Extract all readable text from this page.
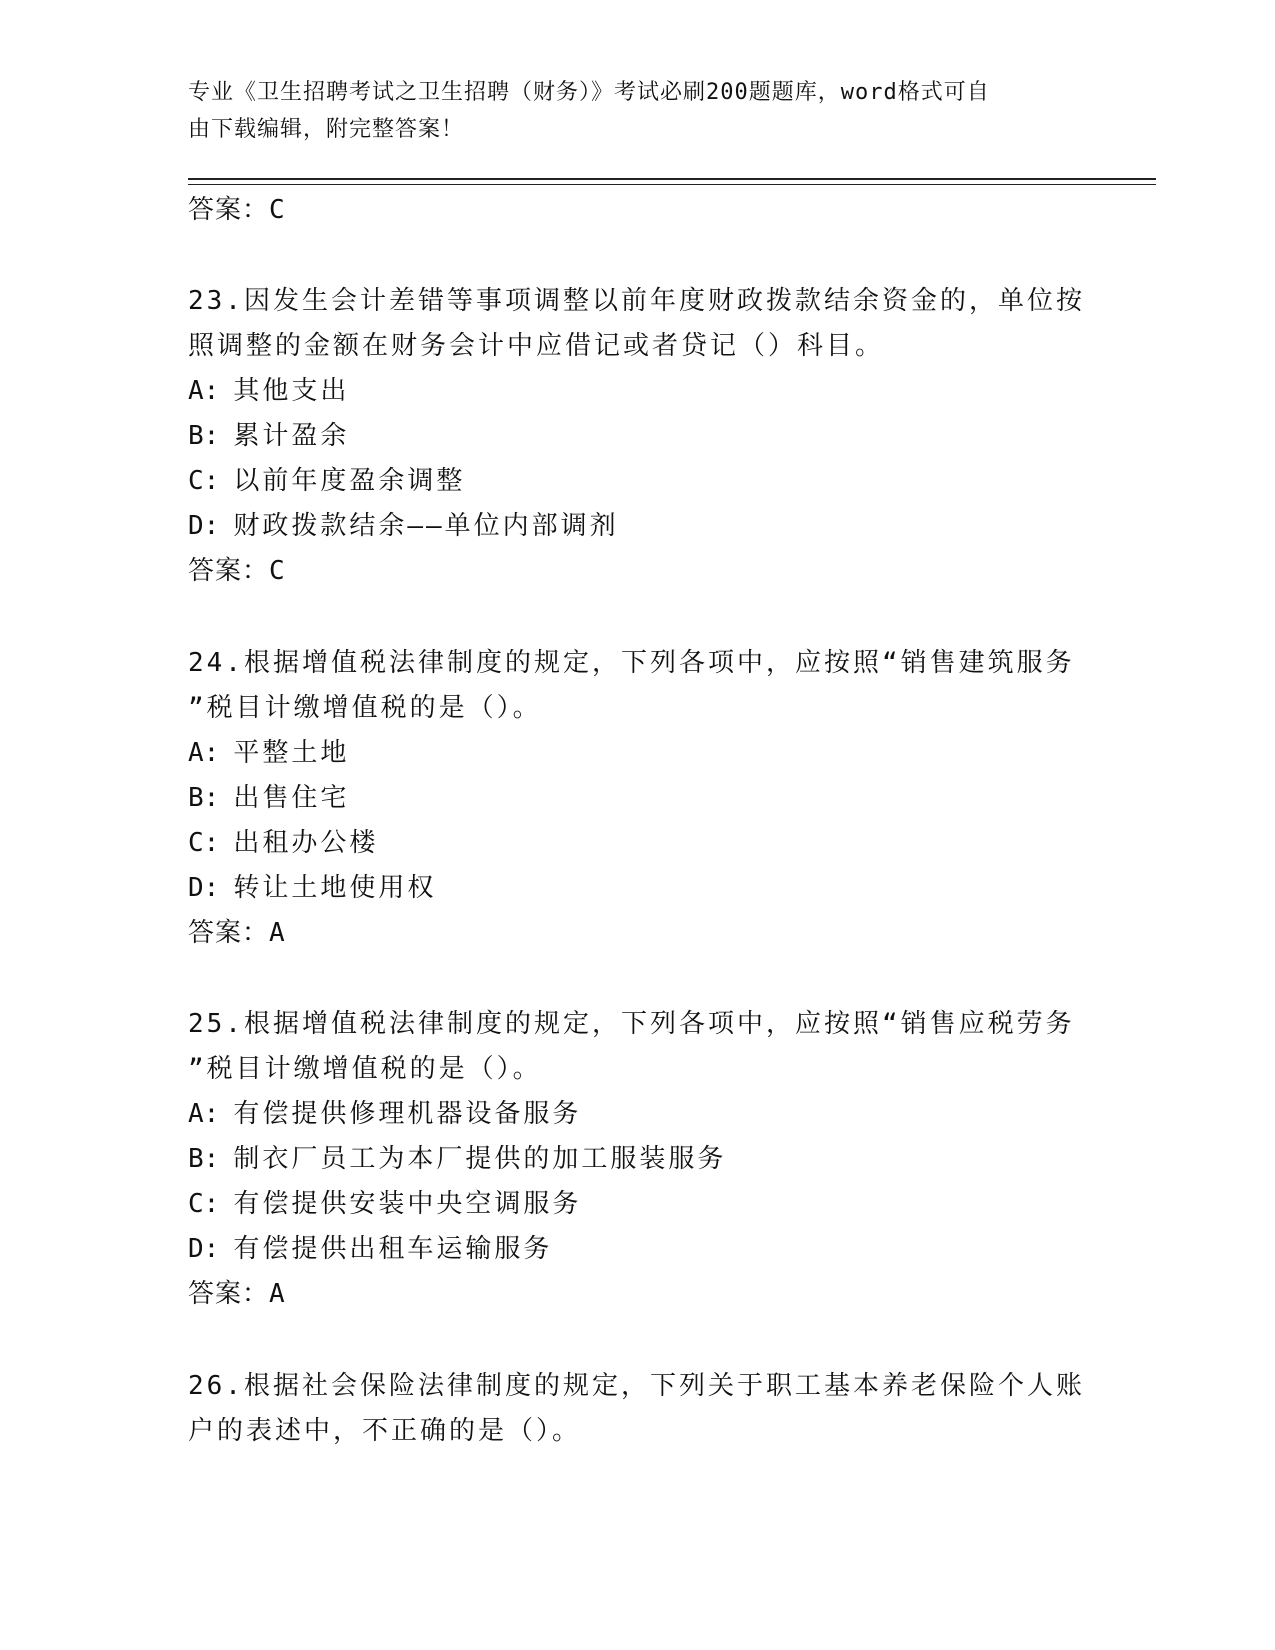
专业《卫生招聘考试之卫生招聘（财务）》考试必刷200题题库，word格式可自
由下载编辑，附完整答案！
答案：C
23.因发生会计差错等事项调整以前年度财政拨款结余资金的，单位按
照调整的金额在财务会计中应借记或者贷记（）科目。
A: 其他支出
B: 累计盈余
C: 以前年度盈余调整
D: 财政拨款结余——单位内部调剂
答案：C
24.根据增值税法律制度的规定，下列各项中，应按照“销售建筑服务
”税目计缴增值税的是（）。
A: 平整土地
B: 出售住宅
C: 出租办公楼
D: 转让土地使用权
答案：A
25.根据增值税法律制度的规定，下列各项中，应按照“销售应税劳务
”税目计缴增值税的是（）。
A: 有偿提供修理机器设备服务
B: 制衣厂员工为本厂提供的加工服装服务
C: 有偿提供安装中央空调服务
D: 有偿提供出租车运输服务
答案：A
26.根据社会保险法律制度的规定，下列关于职工基本养老保险个人账
户的表述中，不正确的是（）。
